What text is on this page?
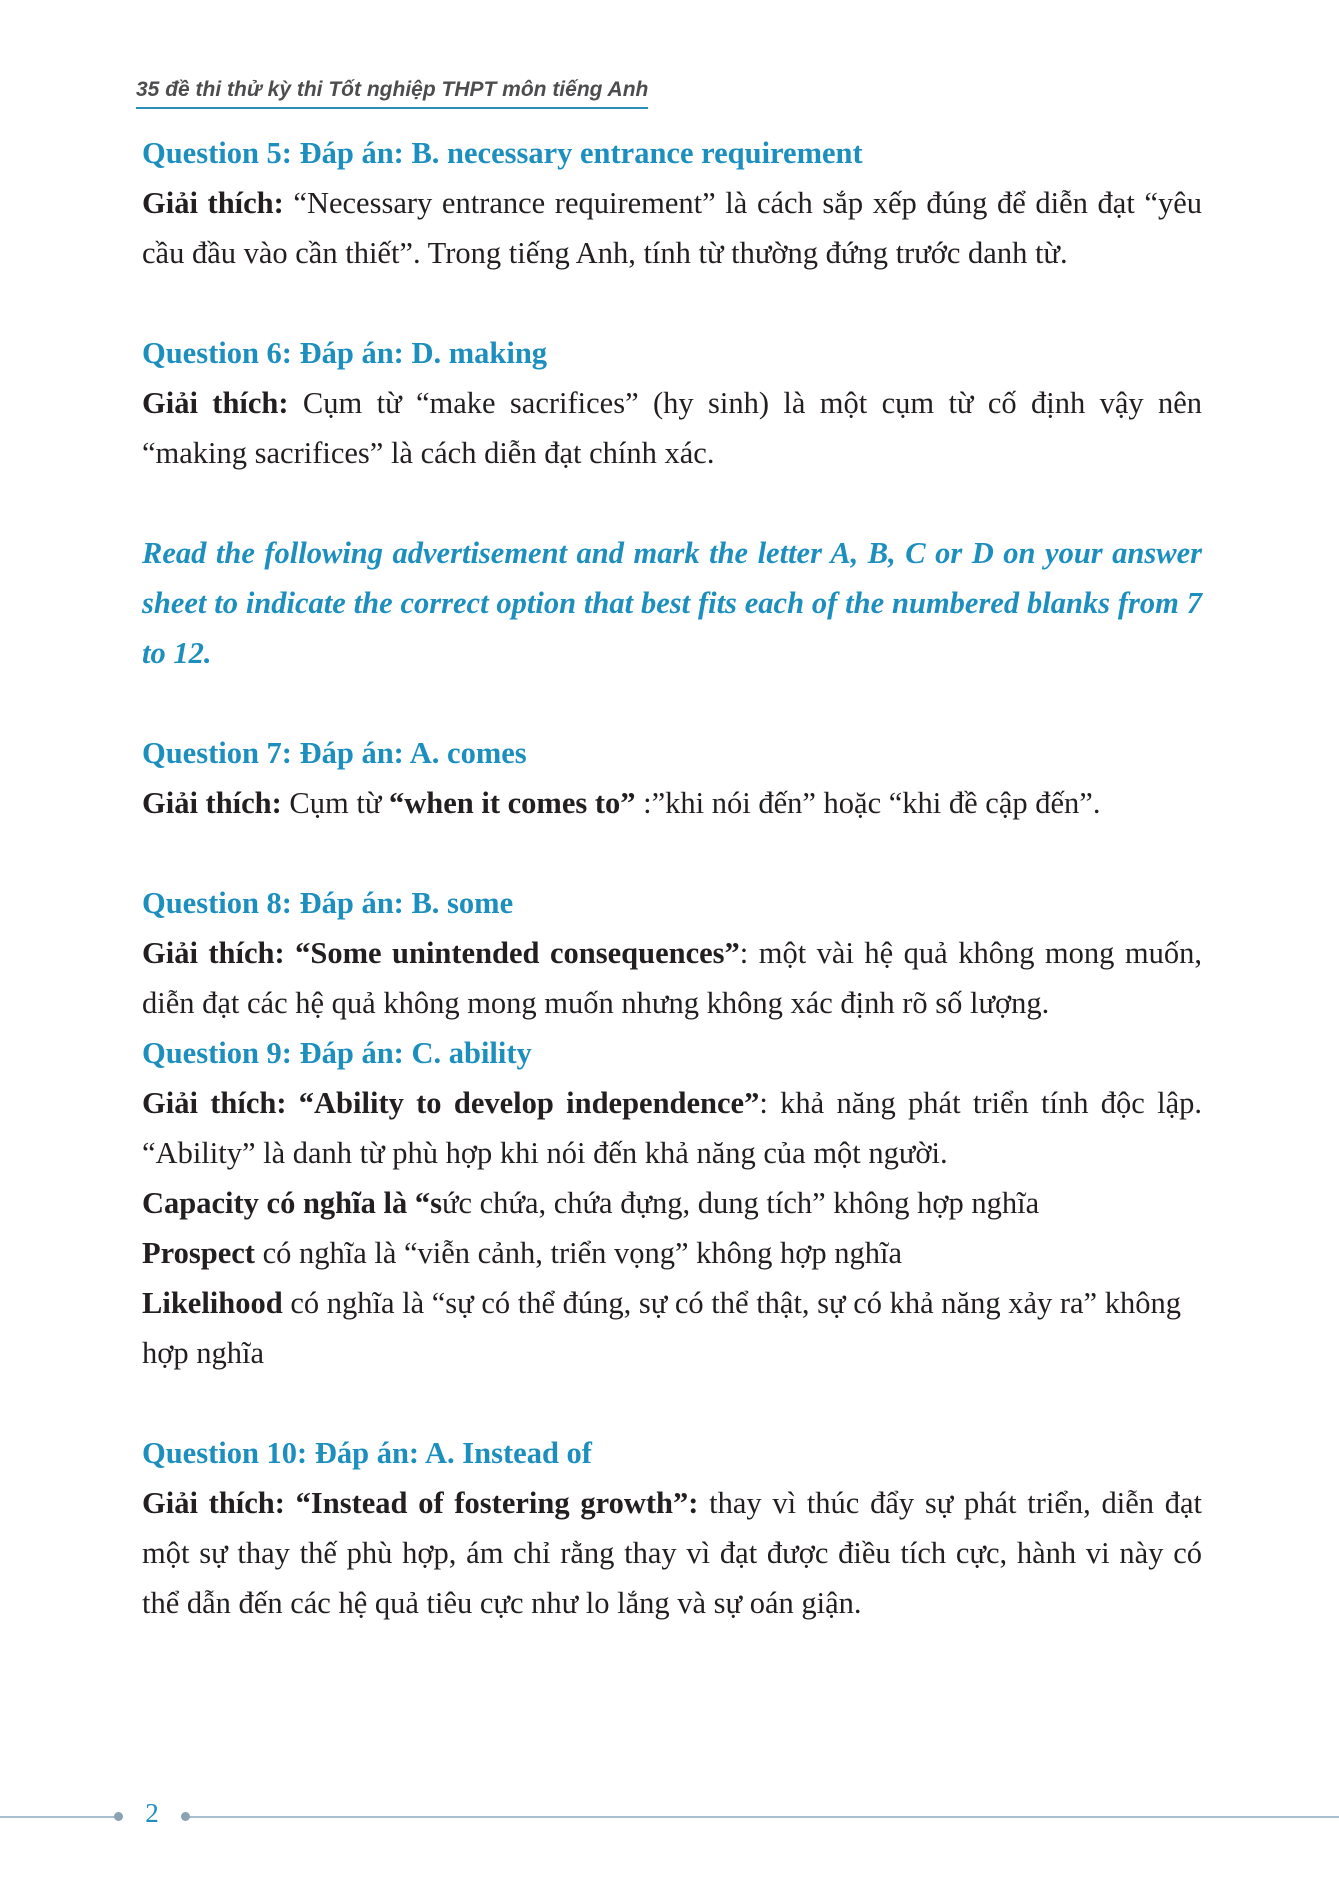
35 đề thi thử kỳ thi Tốt nghiệp THPT môn tiếng Anh
Question 5: Đáp án: B. necessary entrance requirement
Giải thích: “Necessary entrance requirement” là cách sắp xếp đúng để diễn đạt “yêu cầu đầu vào cần thiết”. Trong tiếng Anh, tính từ thường đứng trước danh từ.
Question 6: Đáp án: D. making
Giải thích: Cụm từ “make sacrifices” (hy sinh) là một cụm từ cố định vậy nên “making sacrifices” là cách diễn đạt chính xác.
Read the following advertisement and mark the letter A, B, C or D on your answer sheet to indicate the correct option that best fits each of the numbered blanks from 7 to 12.
Question 7: Đáp án: A. comes
Giải thích: Cụm từ “when it comes to” :”khi nói đến” hoặc “khi đề cập đến”.
Question 8: Đáp án: B. some
Giải thích: “Some unintended consequences”: một vài hệ quả không mong muốn, diễn đạt các hệ quả không mong muốn nhưng không xác định rõ số lượng.
Question 9: Đáp án: C. ability
Giải thích: “Ability to develop independence”: khả năng phát triển tính độc lập. “Ability” là danh từ phù hợp khi nói đến khả năng của một người.
Capacity có nghĩa là “sức chứa, chứa đựng, dung tích” không hợp nghĩa
Prospect có nghĩa là “viễn cảnh, triển vọng” không hợp nghĩa
Likelihood có nghĩa là “sự có thể đúng, sự có thể thật, sự có khả năng xảy ra” không hợp nghĩa
Question 10: Đáp án: A. Instead of
Giải thích: “Instead of fostering growth”: thay vì thúc đẩy sự phát triển, diễn đạt một sự thay thế phù hợp, ám chỉ rằng thay vì đạt được điều tích cực, hành vi này có thể dẫn đến các hệ quả tiêu cực như lo lắng và sự oán giận.
2
